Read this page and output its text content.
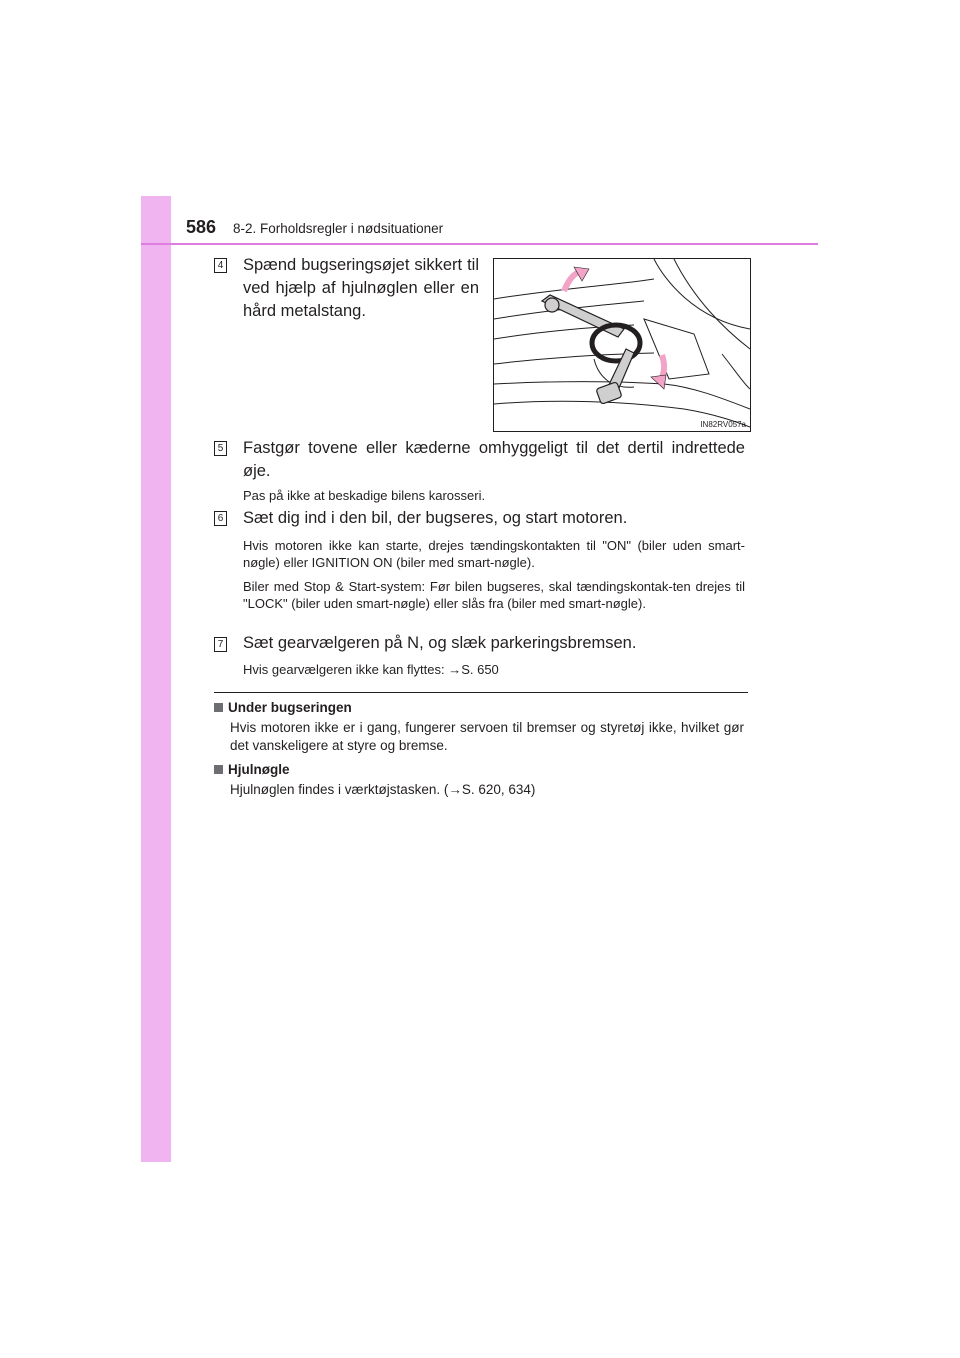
586 8-2. Forholdsregler i nødsituationer
4 Spænd bugseringsøjet sikkert til ved hjælp af hjulnøglen eller en hård metalstang.
IN82RV057a
5 Fastgør tovene eller kæderne omhyggeligt til det dertil indrettede øje.
Pas på ikke at beskadige bilens karosseri.
6 Sæt dig ind i den bil, der bugseres, og start motoren.
Hvis motoren ikke kan starte, drejes tændingskontakten til "ON" (biler uden smart-nøgle) eller IGNITION ON (biler med smart-nøgle).
Biler med Stop & Start-system: Før bilen bugseres, skal tændingskontak-ten drejes til "LOCK" (biler uden smart-nøgle) eller slås fra (biler med smart-nøgle).
7 Sæt gearvælgeren på N, og slæk parkeringsbremsen.
Hvis gearvælgeren ikke kan flyttes: →S. 650
Under bugseringen
Hvis motoren ikke er i gang, fungerer servoen til bremser og styretøj ikke, hvilket gør det vanskeligere at styre og bremse.
Hjulnøgle
Hjulnøglen findes i værktøjstasken. (→S. 620, 634)
